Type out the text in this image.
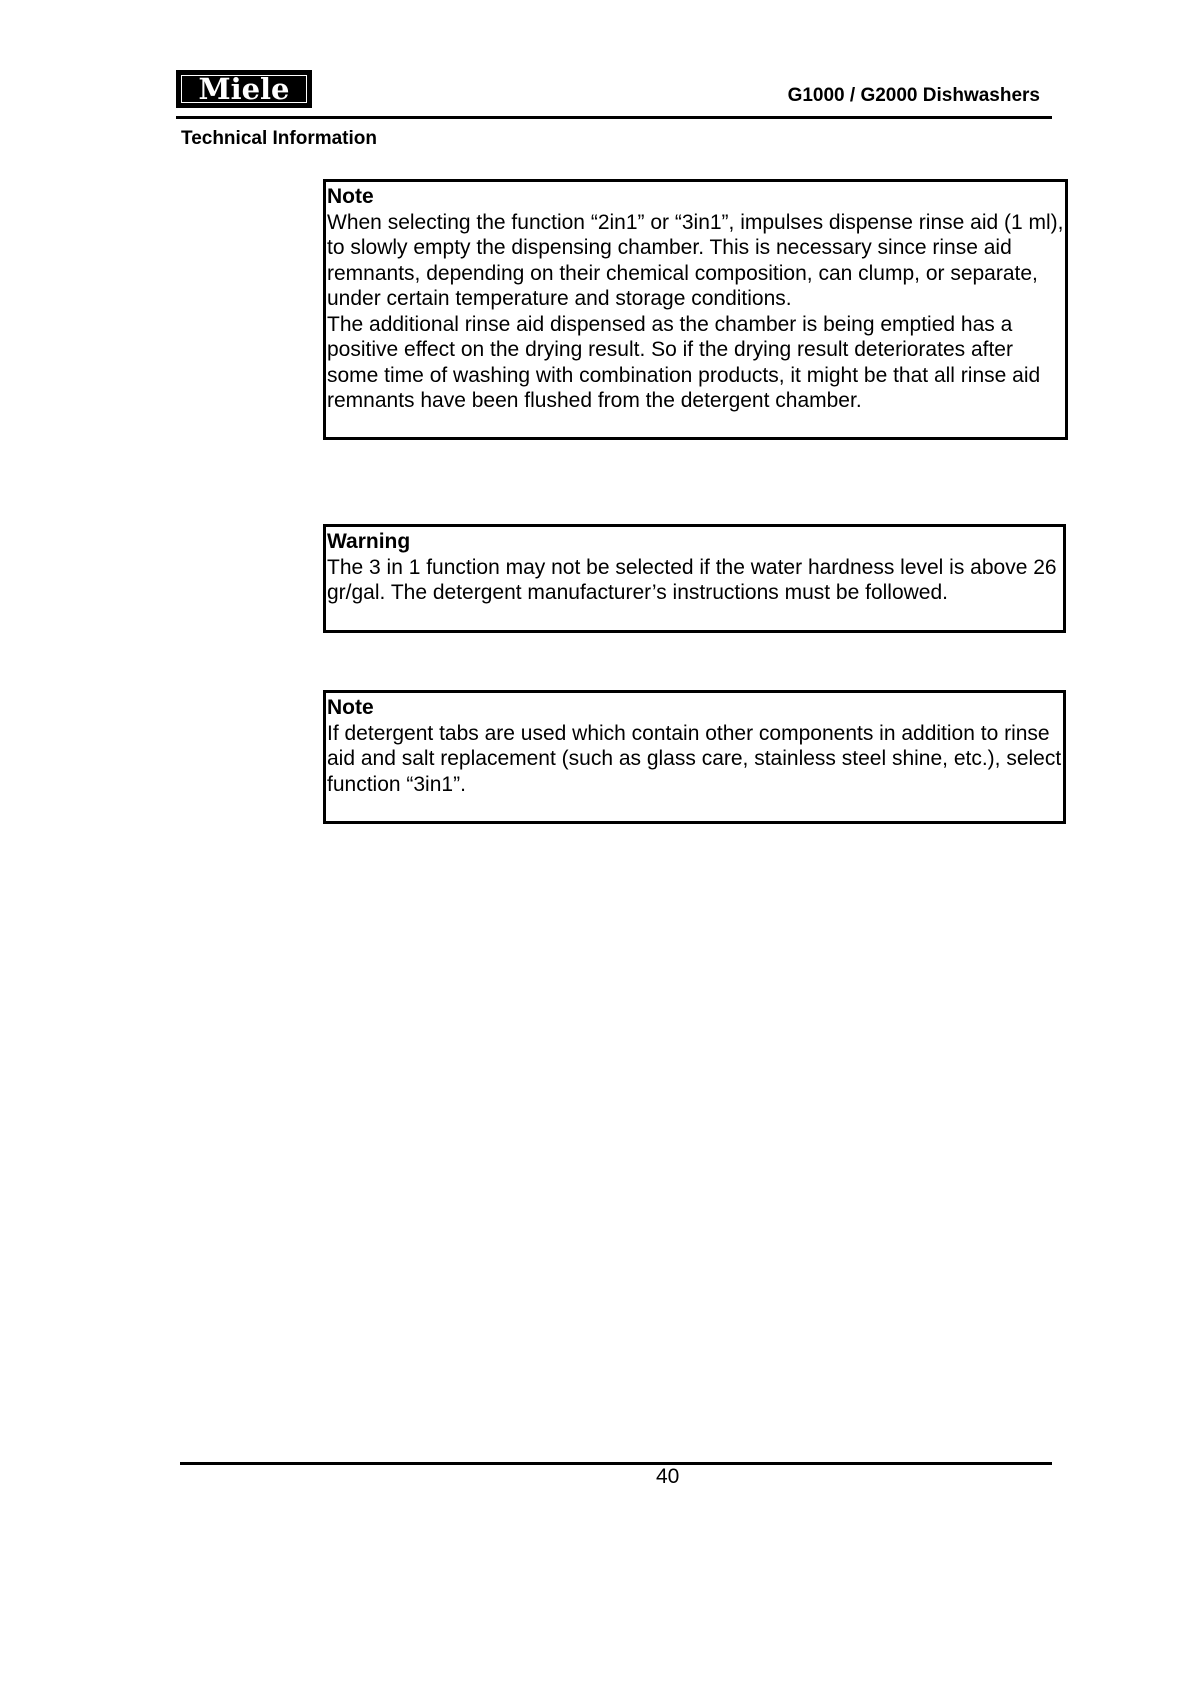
Miele	G1000 / G2000 Dishwashers
Technical Information
Note

When selecting the function “2in1” or “3in1”, impulses dispense rinse aid (1 ml), to slowly empty the dispensing chamber. This is necessary since rinse aid remnants, depending on their chemical composition, can clump, or separate, under certain temperature and storage conditions.

The additional rinse aid dispensed as the chamber is being emptied has a positive effect on the drying result. So if the drying result deteriorates after some time of washing with combination products, it might be that all rinse aid remnants have been flushed from the detergent chamber.

Warning

The 3 in 1 function may not be selected if the water hardness level is above 26 gr/gal. The detergent manufacturer’s instructions must be followed.

Note

If detergent tabs are used which contain other components in addition to rinse aid and salt replacement (such as glass care, stainless steel shine, etc.), select function “3in1”.

40
